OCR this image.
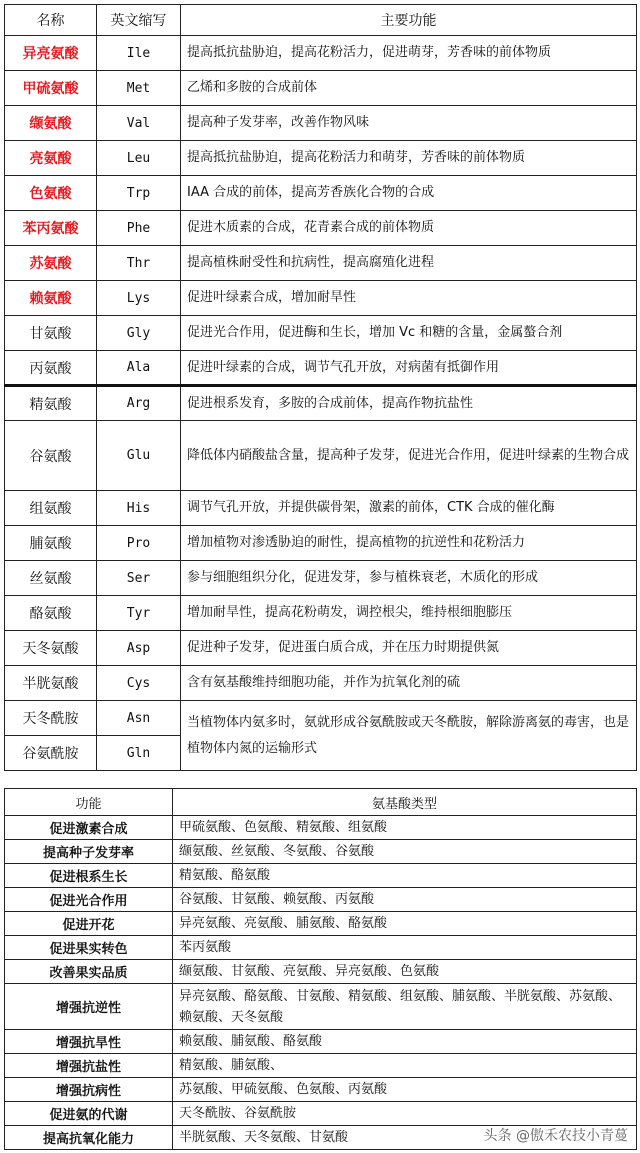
名称	英文缩写	主要功能
异亮氨酸	Ile	提高抵抗盐胁迫，提高花粉活力，促进萌芽，芳香味的前体物质
甲硫氨酸	Met	乙烯和多胺的合成前体
缬氨酸	Val	提高种子发芽率，改善作物风味
亮氨酸	Leu	提高抵抗盐胁迫，提高花粉活力和萌芽，芳香味的前体物质
色氨酸	Trp	IAA 合成的前体，提高芳香族化合物的合成
苯丙氨酸	Phe	促进木质素的合成，花青素合成的前体物质
苏氨酸	Thr	提高植株耐受性和抗病性，提高腐殖化进程
赖氨酸	Lys	促进叶绿素合成，增加耐旱性
甘氨酸	Gly	促进光合作用，促进酶和生长，增加 Vc 和糖的含量，金属螯合剂
丙氨酸	Ala	促进叶绿素的合成，调节气孔开放，对病菌有抵御作用
精氨酸	Arg	促进根系发育，多胺的合成前体，提高作物抗盐性
谷氨酸	Glu	降低体内硝酸盐含量，提高种子发芽，促进光合作用，促进叶绿素的生物合成
组氨酸	His	调节气孔开放，并提供碳骨架，激素的前体，CTK 合成的催化酶
脯氨酸	Pro	增加植物对渗透胁迫的耐性，提高植物的抗逆性和花粉活力
丝氨酸	Ser	参与细胞组织分化，促进发芽，参与植株衰老，木质化的形成
酪氨酸	Tyr	增加耐旱性，提高花粉萌发，调控根尖，维持根细胞膨压
天冬氨酸	Asp	促进种子发芽，促进蛋白质合成，并在压力时期提供氮
半胱氨酸	Cys	含有氨基酸维持细胞功能，并作为抗氧化剂的硫
天冬酰胺	Asn	当植物体内氨多时，氨就形成谷氨酰胺或天冬酰胺，解除游离氨的毒害，也是植物体内氮的运输形式
谷氨酰胺	Gln	
功能	氨基酸类型
促进激素合成	甲硫氨酸、色氨酸、精氨酸、组氨酸
提高种子发芽率	缬氨酸、丝氨酸、冬氨酸、谷氨酸
促进根系生长	精氨酸、酪氨酸
促进光合作用	谷氨酸、甘氨酸、赖氨酸、丙氨酸
促进开花	异亮氨酸、亮氨酸、脯氨酸、酪氨酸
促进果实转色	苯丙氨酸
改善果实品质	缬氨酸、甘氨酸、亮氨酸、异亮氨酸、色氨酸
增强抗逆性	异亮氨酸、酪氨酸、甘氨酸、精氨酸、组氨酸、脯氨酸、半胱氨酸、苏氨酸、赖氨酸、天冬氨酸
增强抗旱性	赖氨酸、脯氨酸、酪氨酸
增强抗盐性	精氨酸、脯氨酸、
增强抗病性	苏氨酸、甲硫氨酸、色氨酸、丙氨酸
促进氨的代谢	天冬酰胺、谷氨酰胺
提高抗氧化能力	半胱氨酸、天冬氨酸、甘氨酸	头条 @傲禾农技小青蔓
